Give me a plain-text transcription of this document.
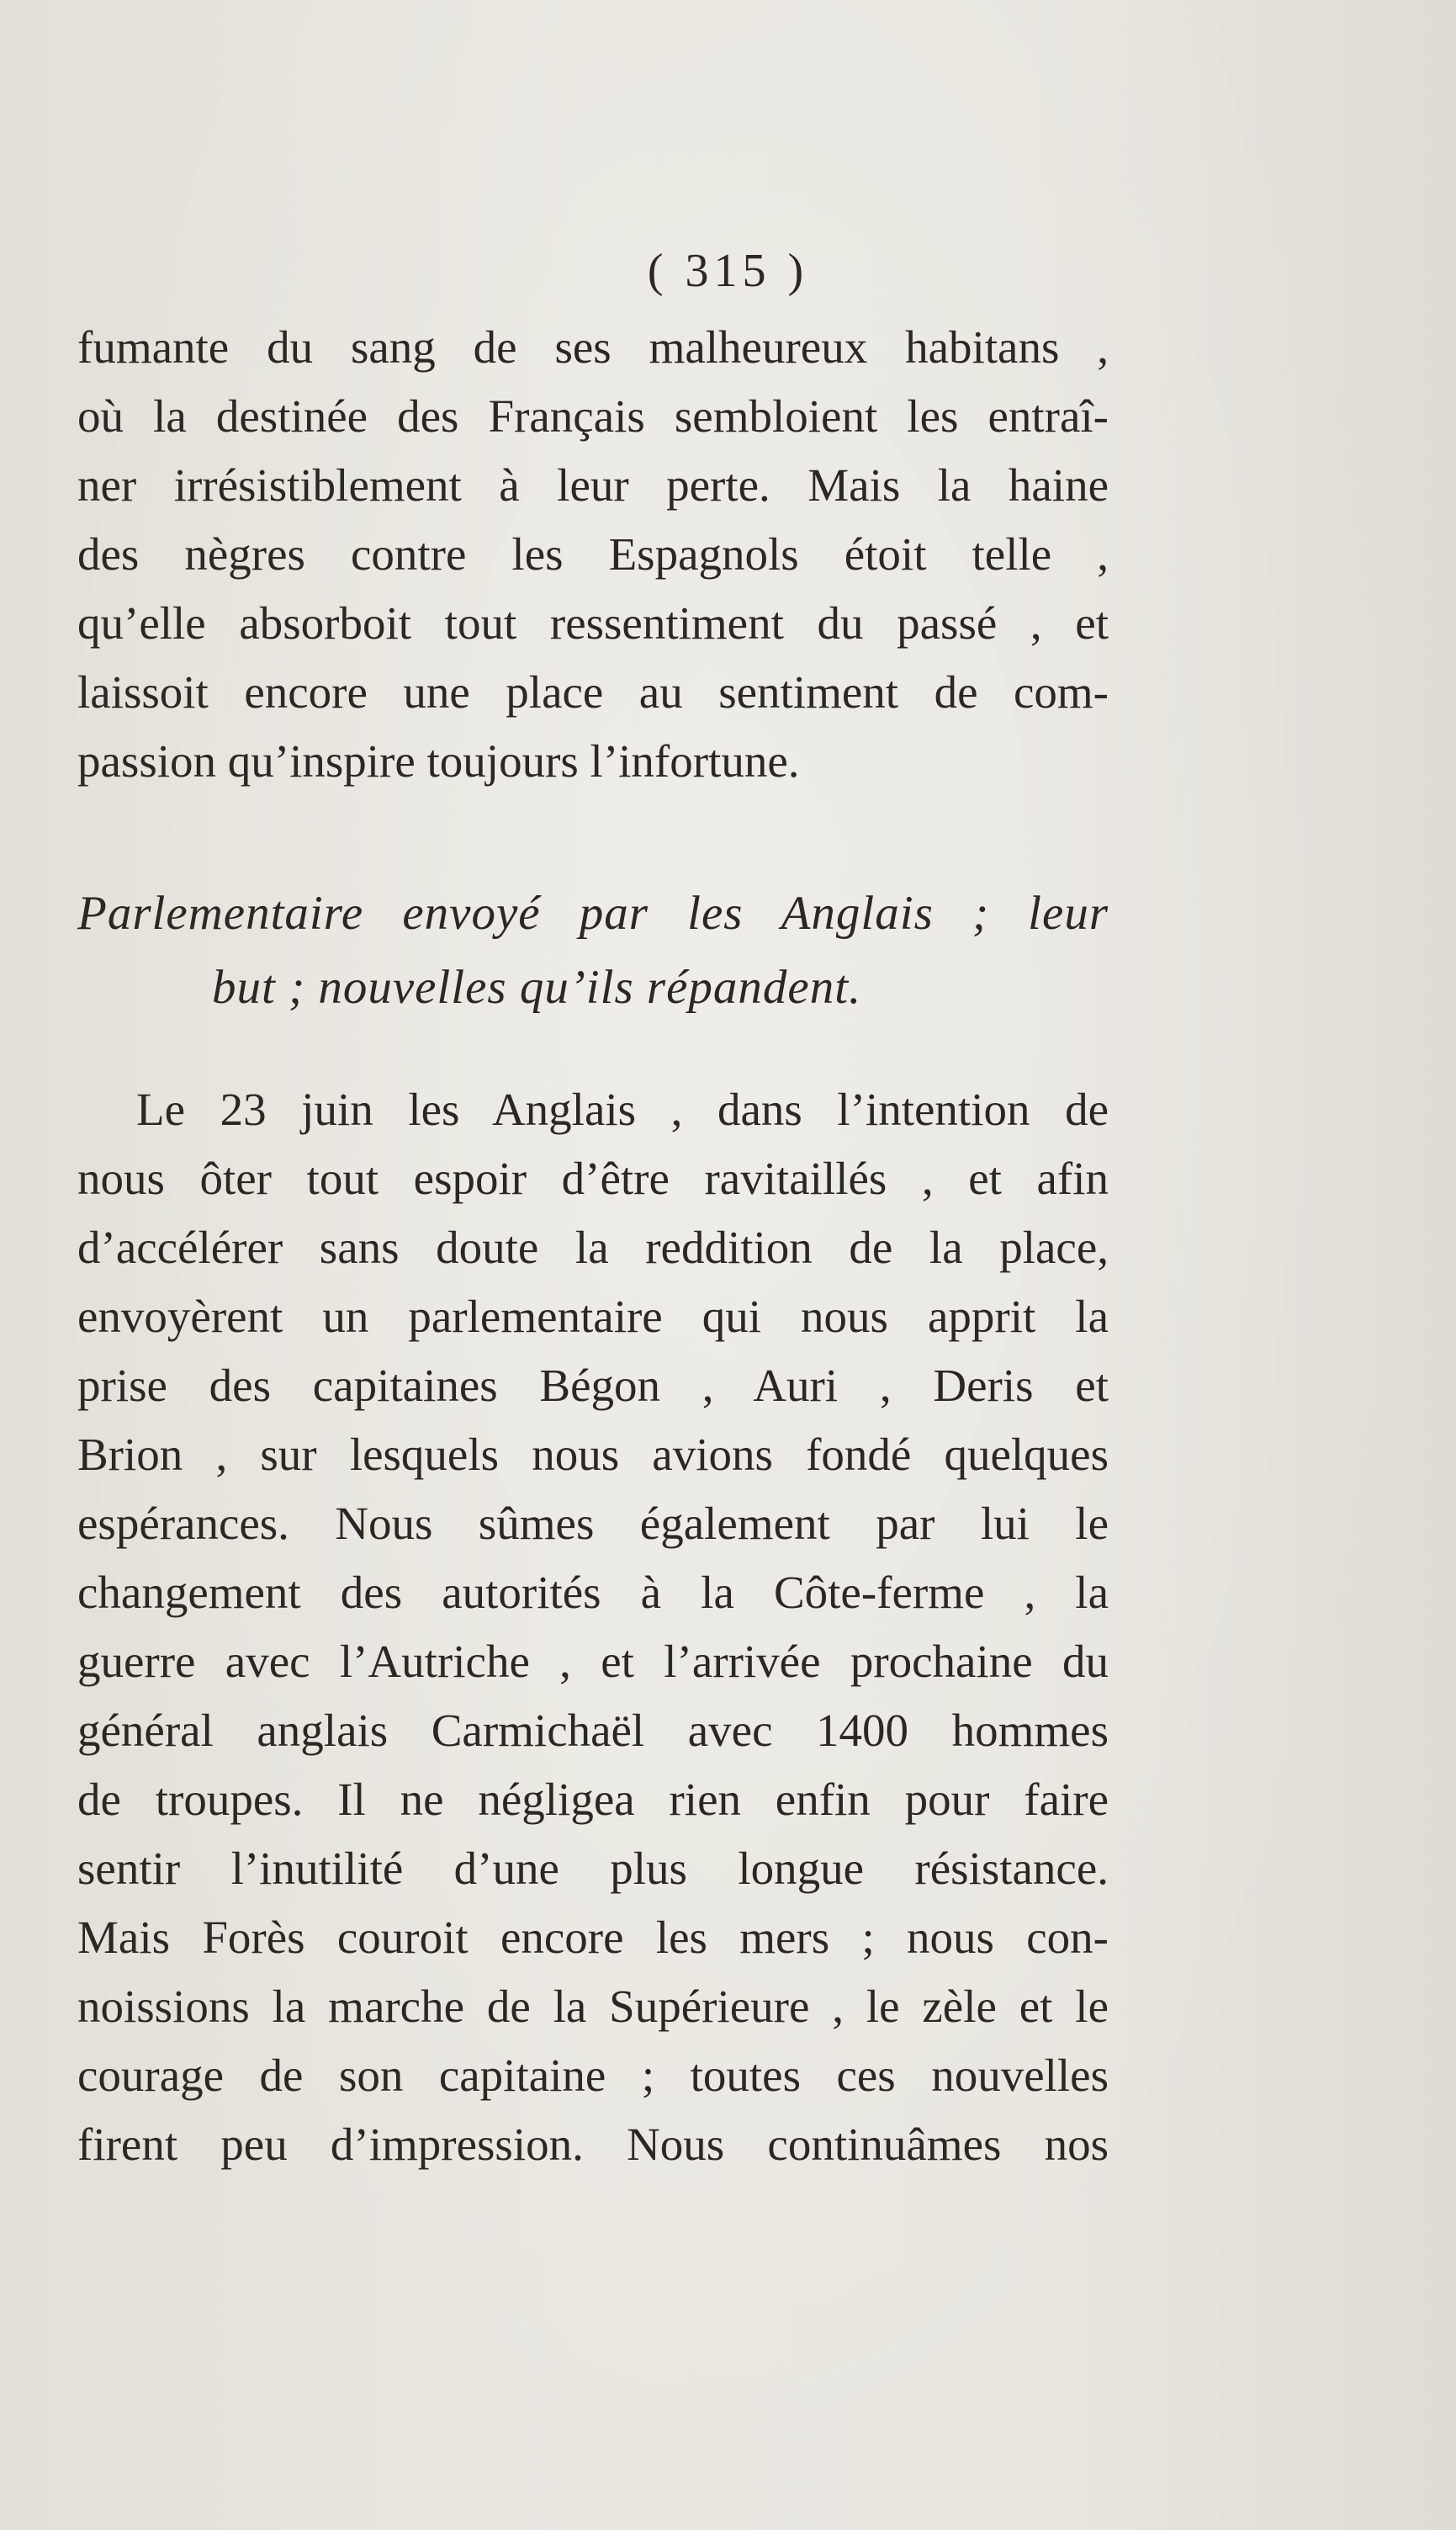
( 315 )
fumante du sang de ses malheureux habitans ,
où la destinée des Français sembloient les entraî-
ner irrésistiblement à leur perte. Mais la haine
des nègres contre les Espagnols étoit telle ,
qu’elle absorboit tout ressentiment du passé , et
laissoit encore une place au sentiment de com-
passion qu’inspire toujours l’infortune.
Parlementaire envoyé par les Anglais ; leur
but ; nouvelles qu’ils répandent.
Le 23 juin les Anglais , dans l’intention de
nous ôter tout espoir d’être ravitaillés , et afin
d’accélérer sans doute la reddition de la place,
envoyèrent un parlementaire qui nous apprit la
prise des capitaines Bégon , Auri , Deris et
Brion , sur lesquels nous avions fondé quelques
espérances. Nous sûmes également par lui le
changement des autorités à la Côte-ferme , la
guerre avec l’Autriche , et l’arrivée prochaine du
général anglais Carmichaël avec 1400 hommes
de troupes. Il ne négligea rien enfin pour faire
sentir l’inutilité d’une plus longue résistance.
Mais Forès couroit encore les mers ; nous con-
noissions la marche de la Supérieure , le zèle et le
courage de son capitaine ; toutes ces nouvelles
firent peu d’impression. Nous continuâmes nos
